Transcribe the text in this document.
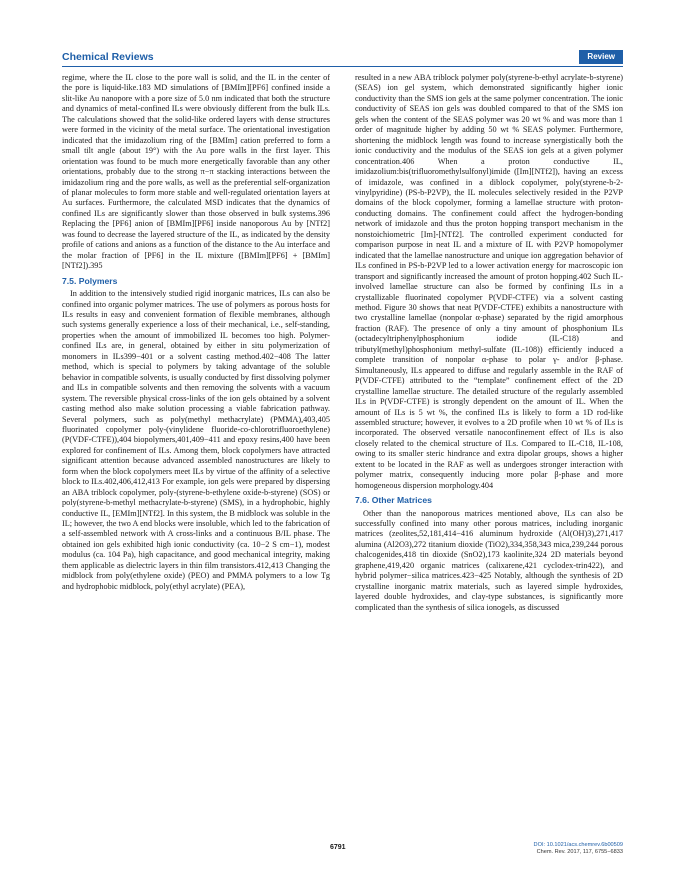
Chemical Reviews	Review

regime, where the IL close to the pore wall is solid, and the IL in the center of the pore is liquid-like.183 MD simulations of [BMIm][PF6] confined inside a slit-like Au nanopore with a pore size of 5.0 nm indicated that both the structure and dynamics of metal-confined ILs were obviously different from the bulk ILs. The calculations showed that the solid-like ordered layers with dense structures were formed in the vicinity of the metal surface. The orientational investigation indicated that the imidazolium ring of the [BMIm] cation preferred to form a small tilt angle (about 19°) with the Au pore walls in the first layer. This orientation was found to be much more energetically favorable than any other orientations, probably due to the strong π−π stacking interactions between the imidazolium ring and the pore walls, as well as the preferential self-organization of planar molecules to form more stable and well-regulated orientation layers at Au surfaces. Furthermore, the calculated MSD indicates that the dynamics of confined ILs are significantly slower than those observed in bulk systems.396 Replacing the [PF6] anion of [BMIm][PF6] inside nanoporous Au by [NTf2] was found to decrease the layered structure of the IL, as indicated by the density profile of cations and anions as a function of the distance to the Au interface and the molar fraction of [PF6] in the IL mixture ([BMIm][PF6] + [BMIm][NTf2]).395

7.5. Polymers

In addition to the intensively studied rigid inorganic matrices, ILs can also be confined into organic polymer matrices. The use of polymers as porous hosts for ILs results in easy and convenient formation of flexible membranes, although such systems generally experience a loss of their mechanical, i.e., self-standing, properties when the amount of immobilized IL becomes too high. Polymer-confined ILs are, in general, obtained by either in situ polymerization of monomers in ILs399−401 or a solvent casting method.402−408 The latter method, which is special to polymers by taking advantage of the soluble behavior in compatible solvents, is usually conducted by first dissolving polymer and ILs in compatible solvents and then removing the solvents with a vacuum system. The reversible physical cross-links of the ion gels obtained by a solvent casting method also make solution processing a viable fabrication pathway. Several polymers, such as poly(methyl methacrylate) (PMMA),403,405 fluorinated copolymer poly-(vinylidene fluoride-co-chlorotrifluoroethylene) (P(VDF-CTFE)),404 biopolymers,401,409−411 and epoxy resins,400 have been explored for confinement of ILs. Among them, block copolymers have attracted significant attention because advanced assembled nanostructures are likely to form when the block copolymers meet ILs by virtue of the affinity of a selective block to ILs.402,406,412,413 For example, ion gels were prepared by dispersing an ABA triblock copolymer, poly-(styrene-b-ethylene oxide-b-styrene) (SOS) or poly(styrene-b-methyl methacrylate-b-styrene) (SMS), in a hydrophobic, highly conductive IL, [EMIm][NTf2]. In this system, the B midblock was soluble in the IL; however, the two A end blocks were insoluble, which led to the fabrication of a self-assembled network with A cross-links and a continuous B/IL phase. The obtained ion gels exhibited high ionic conductivity (ca. 10−2 S cm−1), modest modulus (ca. 104 Pa), high capacitance, and good mechanical integrity, making them applicable as dielectric layers in thin film transistors.412,413 Changing the midblock from poly(ethylene oxide) (PEO) and PMMA polymers to a low Tg and hydrophobic midblock, poly(ethyl acrylate) (PEA),

resulted in a new ABA triblock polymer poly(styrene-b-ethyl acrylate-b-styrene) (SEAS) ion gel system, which demonstrated significantly higher ionic conductivity than the SMS ion gels at the same polymer concentration. The ionic conductivity of SEAS ion gels was doubled compared to that of the SMS ion gels when the content of the SEAS polymer was 20 wt % and was more than 1 order of magnitude higher by adding 50 wt % SEAS polymer. Furthermore, shortening the midblock length was found to increase synergistically both the ionic conductivity and the modulus of the SEAS ion gels at a given polymer concentration.406 When a proton conductive IL, imidazolium:bis(trifluoromethylsulfonyl)imide ([Im][NTf2]), having an excess of imidazole, was confined in a diblock copolymer, poly(styrene-b-2-vinylpyridine) (PS-b-P2VP), the IL molecules selectively resided in the P2VP domains of the block copolymer, forming a lamellae structure with proton-conducting domains. The confinement could affect the hydrogen-bonding network of imidazole and thus the proton hopping transport mechanism in the nonstoichiometric [Im]-[NTf2]. The controlled experiment conducted for comparison purpose in neat IL and a mixture of IL with P2VP homopolymer indicated that the lamellae nanostructure and unique ion aggregation behavior of ILs confined in PS-b-P2VP led to a lower activation energy for macroscopic ion transport and significantly increased the amount of proton hopping.402 Such IL-involved lamellae structure can also be formed by confining ILs in a crystallizable fluorinated copolymer P(VDF-CTFE) via a solvent casting method. Figure 30 shows that neat P(VDF-CTFE) exhibits a nanostructure with two crystalline lamellae (nonpolar α-phase) separated by the rigid amorphous fraction (RAF). The presence of only a tiny amount of phosphonium ILs (octadecyltriphenylphosphonium iodide (IL-C18) and tributyl(methyl)phosphonium methyl-sulfate (IL-108)) efficiently induced a complete transition of nonpolar α-phase to polar γ- and/or β-phase. Simultaneously, ILs appeared to diffuse and regularly assemble in the RAF of P(VDF-CTFE) attributed to the “template” confinement effect of the 2D crystalline lamellae structure. The detailed structure of the regularly assembled ILs in P(VDF-CTFE) is strongly dependent on the amount of IL. When the amount of ILs is 5 wt %, the confined ILs is likely to form a 1D rod-like assembled structure; however, it evolves to a 2D profile when 10 wt % of ILs is incorporated. The observed versatile nanoconfinement effect of ILs is also closely related to the chemical structure of ILs. Compared to IL-C18, IL-108, owing to its smaller steric hindrance and extra dipolar groups, shows a higher extent to be located in the RAF as well as undergoes stronger interaction with polymer matrix, consequently inducing more polar β-phase and more homogeneous dispersion morphology.404

7.6. Other Matrices

Other than the nanoporous matrices mentioned above, ILs can also be successfully confined into many other porous matrices, including inorganic matrices (zeolites,52,181,414−416 aluminum hydroxide (Al(OH)3),271,417 alumina (Al2O3),272 titanium dioxide (TiO2),334,358,343 mica,239,244 porous chalcogenides,418 tin dioxide (SnO2),173 kaolinite,324 2D materials beyond graphene,419,420 organic matrices (calixarene,421 cyclodex-trin422), and hybrid polymer−silica matrices.423−425 Notably, although the synthesis of 2D crystalline inorganic matrix materials, such as layered simple hydroxides, layered double hydroxides, and clay-type substances, is significantly more complicated than the synthesis of silica ionogels, as discussed

6791	DOI: 10.1021/acs.chemrev.6b00509
Chem. Rev. 2017, 117, 6755−6833
